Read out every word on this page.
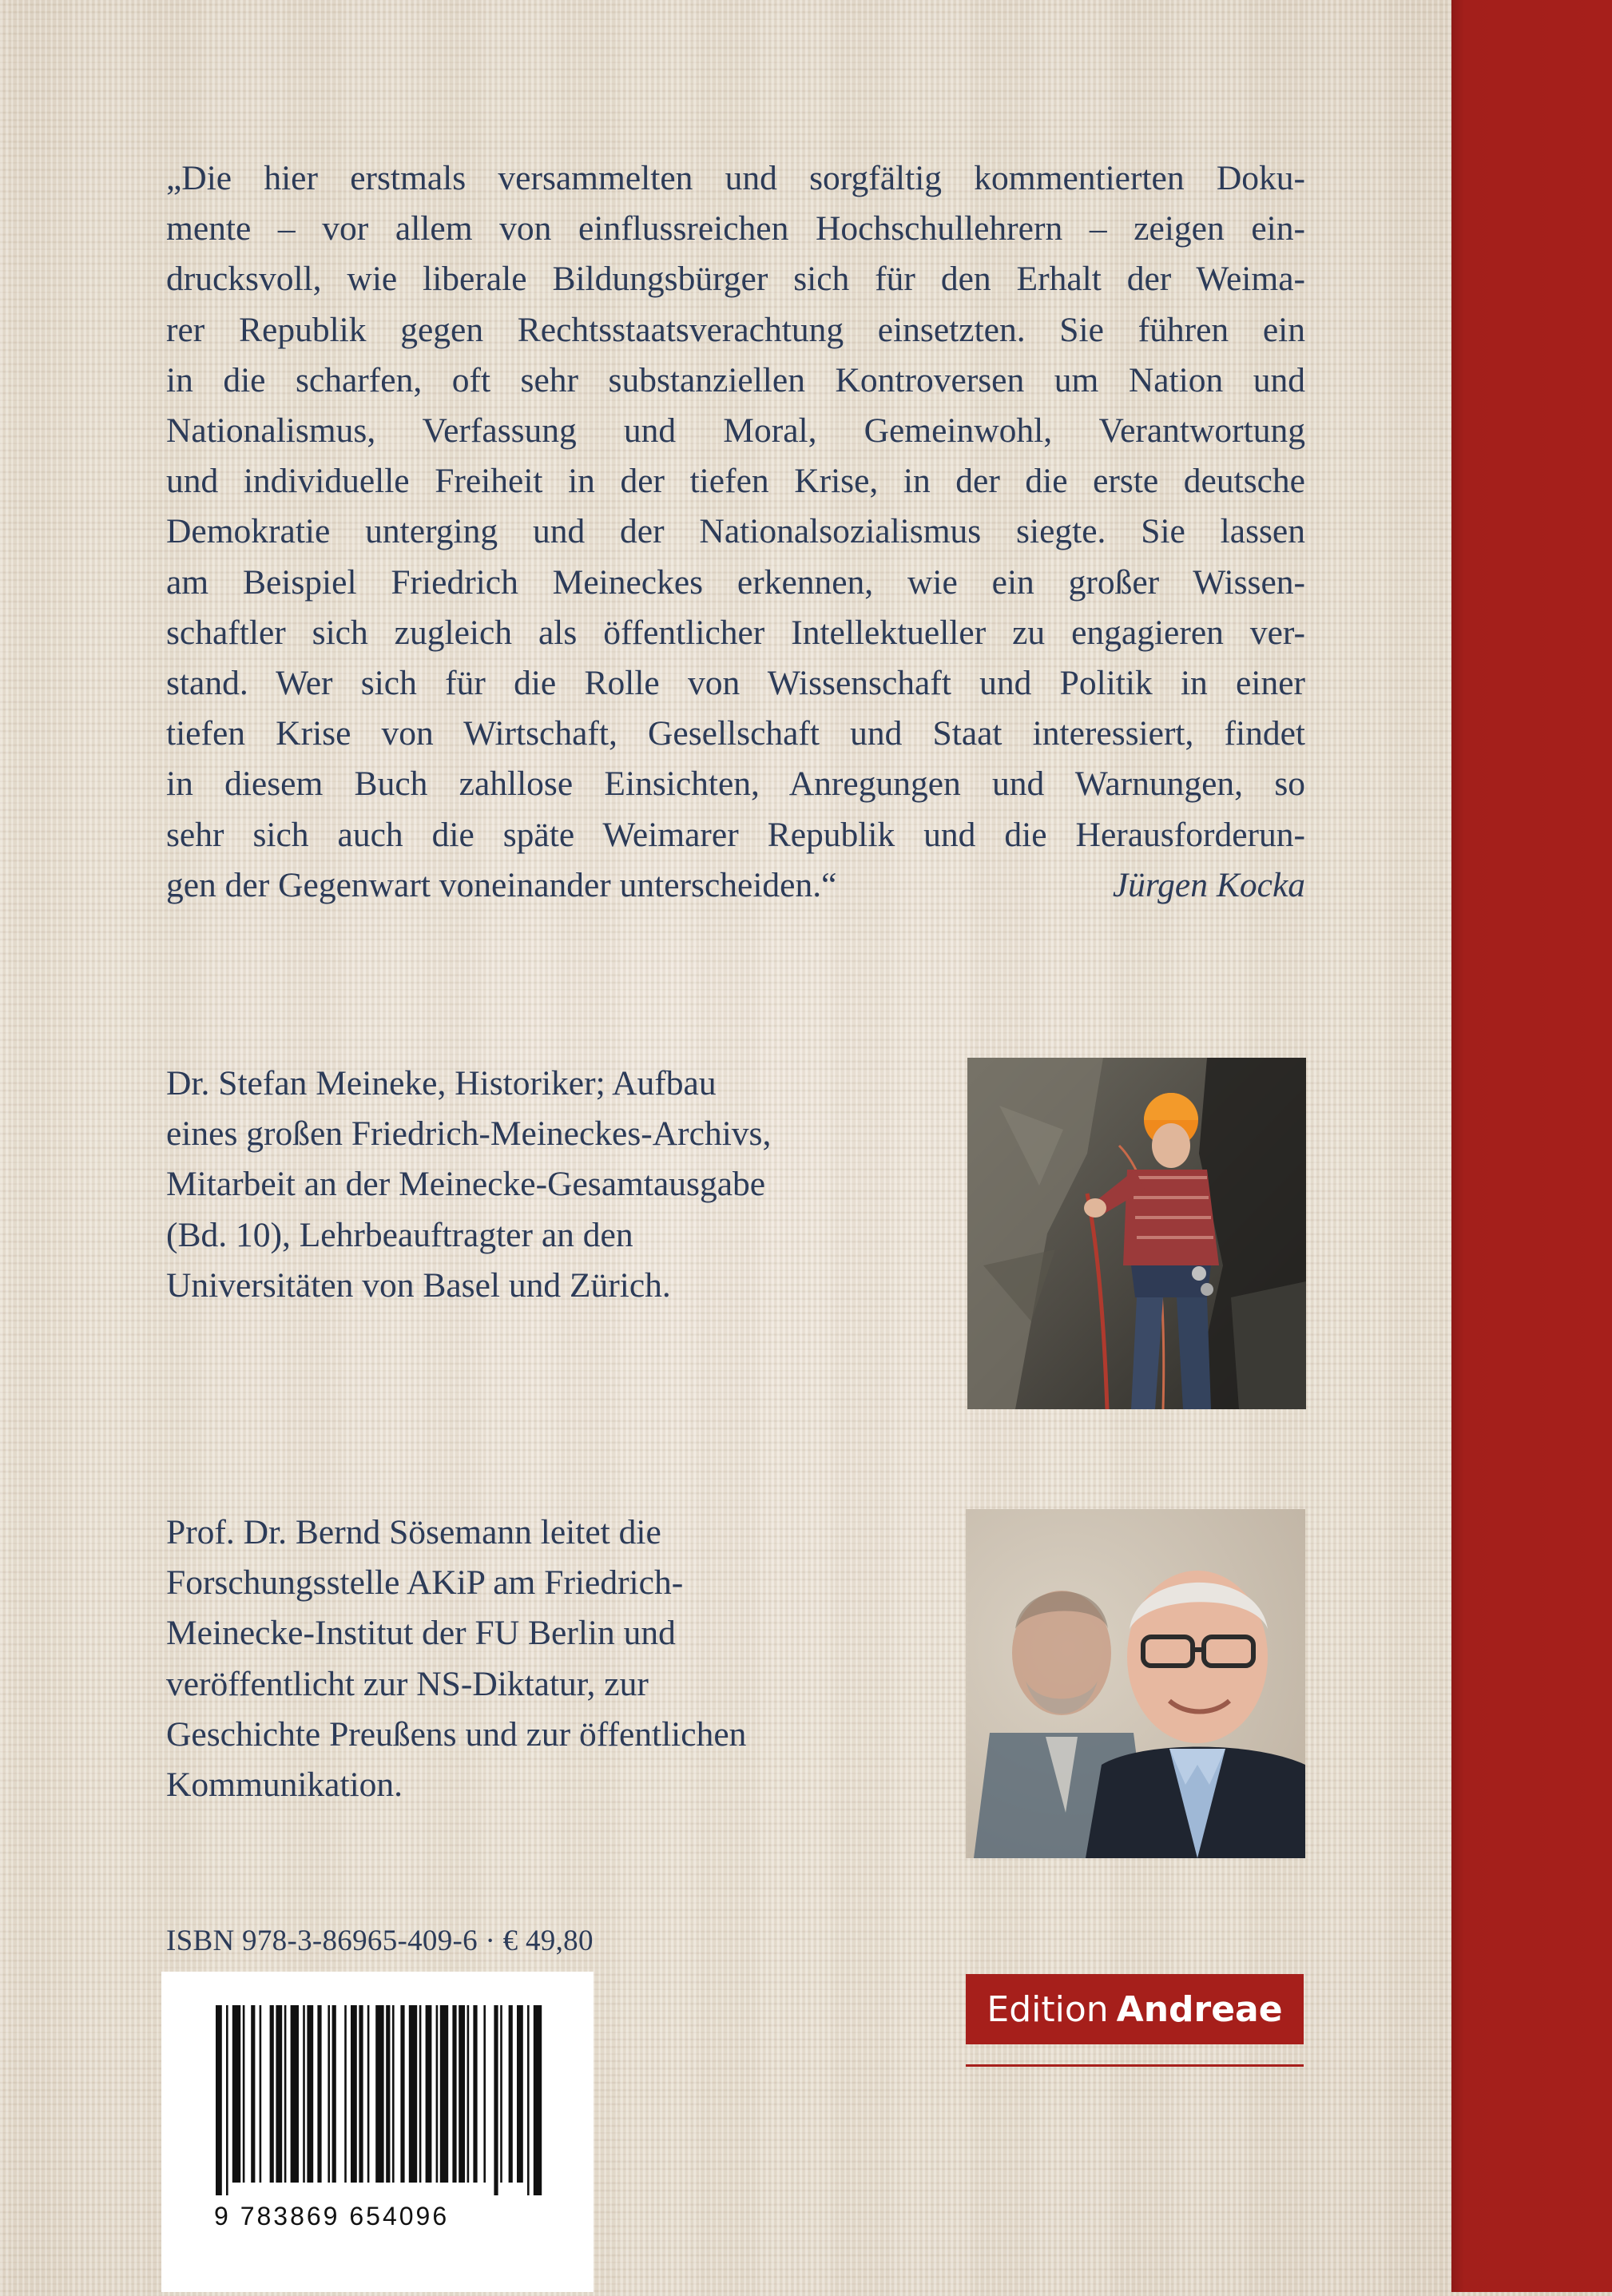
„Die hier erstmals versammelten und sorgfältig kommentierten Doku-
mente – vor allem von einflussreichen Hochschullehrern – zeigen ein-
drucksvoll, wie liberale Bildungsbürger sich für den Erhalt der Weima-
rer Republik gegen Rechtsstaatsverachtung einsetzten. Sie führen ein
in die scharfen, oft sehr substanziellen Kontroversen um Nation und
Nationalismus, Verfassung und Moral, Gemeinwohl, Verantwortung
und individuelle Freiheit in der tiefen Krise, in der die erste deutsche
Demokratie unterging und der Nationalsozialismus siegte. Sie lassen
am Beispiel Friedrich Meineckes erkennen, wie ein großer Wissen-
schaftler sich zugleich als öffentlicher Intellektueller zu engagieren ver-
stand. Wer sich für die Rolle von Wissenschaft und Politik in einer
tiefen Krise von Wirtschaft, Gesellschaft und Staat interessiert, findet
in diesem Buch zahllose Einsichten, Anregungen und Warnungen, so
sehr sich auch die späte Weimarer Republik und die Herausforderun-
gen der Gegenwart voneinander unterscheiden.“	Jürgen Kocka
Dr. Stefan Meineke, Historiker; Aufbau
eines großen Friedrich-Meineckes-Archivs,
Mitarbeit an der Meinecke-Gesamtausgabe
(Bd. 10), Lehrbeauftragter an den
Universitäten von Basel und Zürich.
Prof. Dr. Bernd Sösemann leitet die
Forschungsstelle AKiP am Friedrich-
Meinecke-Institut der FU Berlin und
veröffentlicht zur NS-Diktatur, zur
Geschichte Preußens und zur öffentlichen
Kommunikation.
ISBN 978-3-86965-409-6 · € 49,80
9 783869 654096
Edition Andreae
